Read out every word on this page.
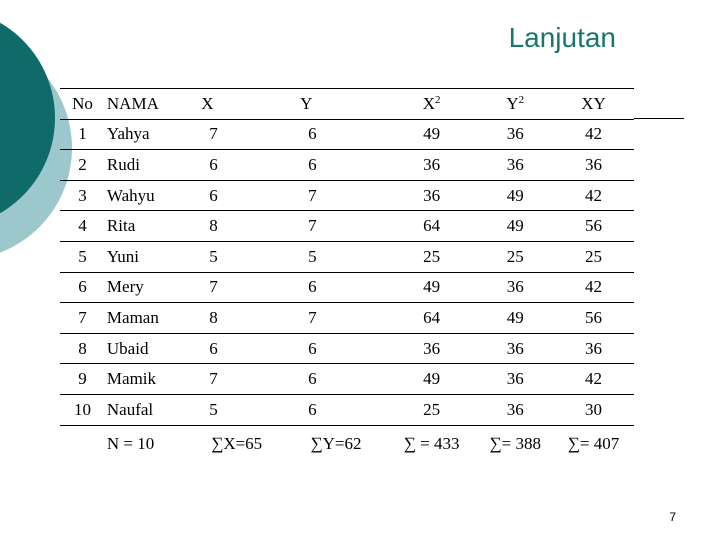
Lanjutan
No	NAMA	X	Y	$X^2$	$Y^2$	XY
1	Yahya	7	6	49	36	42
2	Rudi	6	6	36	36	36
3	Wahyu	6	7	36	49	42
4	Rita	8	7	64	49	56
5	Yuni	5	5	25	25	25
6	Mery	7	6	49	36	42
7	Maman	8	7	64	49	56
8	Ubaid	6	6	36	36	36
9	Mamik	7	6	49	36	42
10	Naufal	5	6	25	36	30
	N = 10	∑X=65	∑Y=62	∑ = 433	∑= 388	∑= 407
7
